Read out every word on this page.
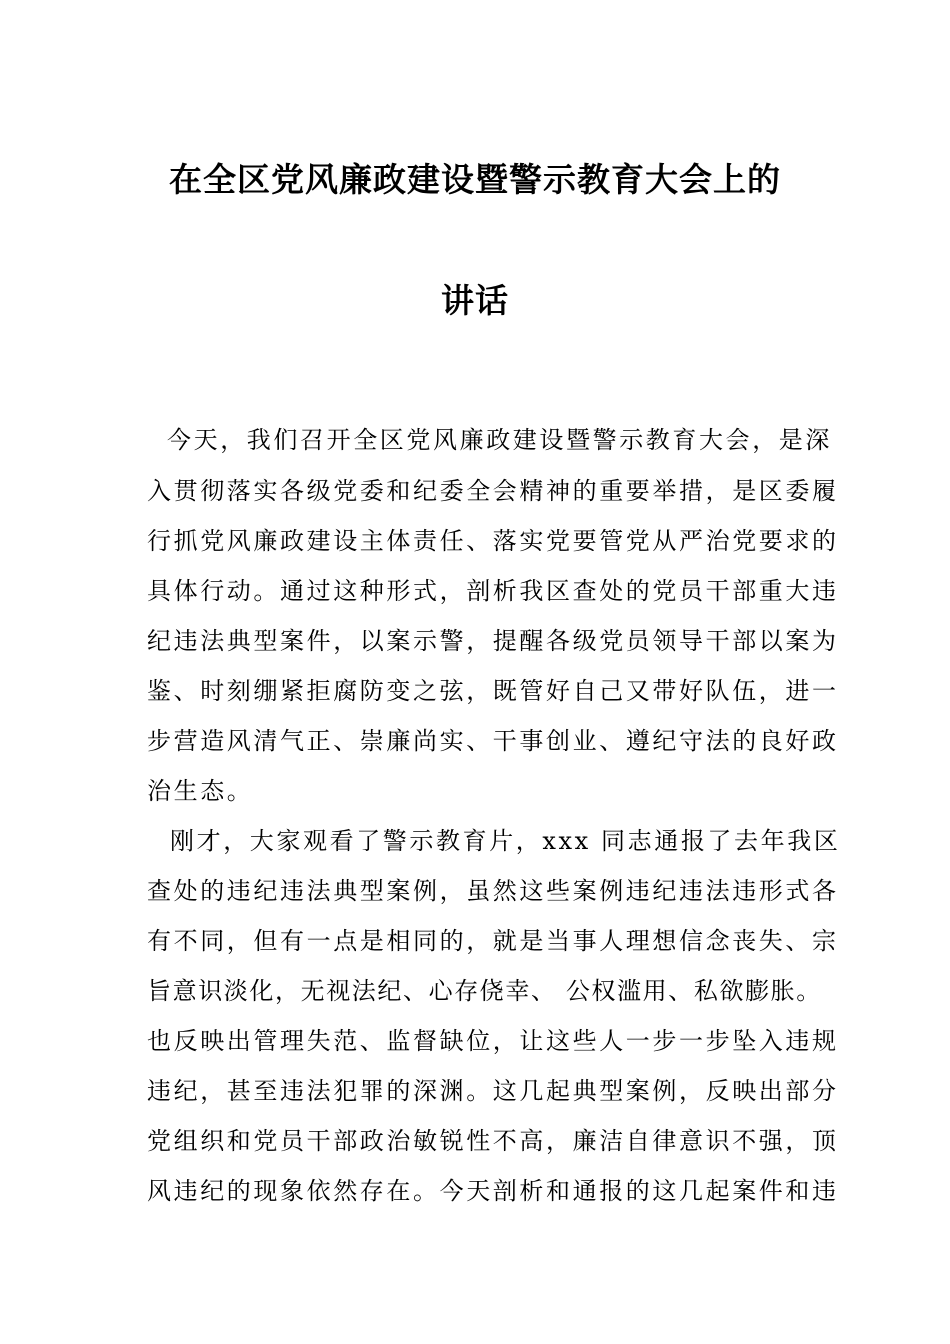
在全区党风廉政建设暨警示教育大会上的
讲话
今天，我们召开全区党风廉政建设暨警示教育大会，是深
入贯彻落实各级党委和纪委全会精神的重要举措，是区委履
行抓党风廉政建设主体责任、落实党要管党从严治党要求的
具体行动。通过这种形式，剖析我区查处的党员干部重大违
纪违法典型案件，以案示警，提醒各级党员领导干部以案为
鉴、时刻绷紧拒腐防变之弦，既管好自己又带好队伍，进一
步营造风清气正、崇廉尚实、干事创业、遵纪守法的良好政
治生态。
刚才，大家观看了警示教育片，xxx 同志通报了去年我区
查处的违纪违法典型案例，虽然这些案例违纪违法违形式各
有不同，但有一点是相同的，就是当事人理想信念丧失、宗
旨意识淡化，无视法纪、心存侥幸、 公权滥用、私欲膨胀。
也反映出管理失范、监督缺位，让这些人一步一步坠入违规
违纪，甚至违法犯罪的深渊。这几起典型案例，反映出部分
党组织和党员干部政治敏锐性不高，廉洁自律意识不强，顶
风违纪的现象依然存在。今天剖析和通报的这几起案件和违
